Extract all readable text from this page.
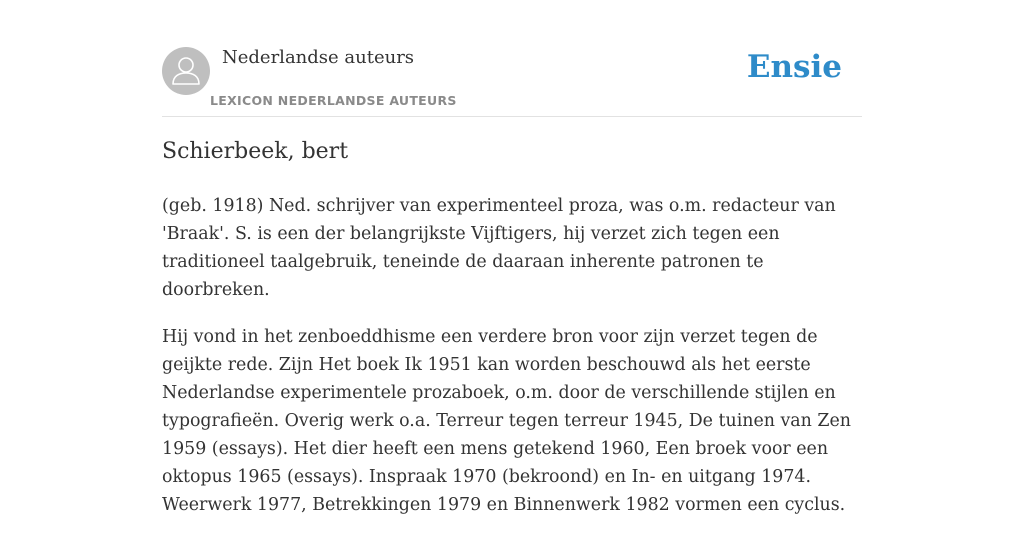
Nederlandse auteurs
LEXICON NEDERLANDSE AUTEURS
Ensie
Schierbeek, bert

(geb. 1918) Ned. schrijver van experimenteel proza, was o.m. redacteur van 'Braak'. S. is een der belangrijkste Vijftigers, hij verzet zich tegen een traditioneel taalgebruik, teneinde de daaraan inherente patronen te doorbreken.

Hij vond in het zenboeddhisme een verdere bron voor zijn verzet tegen de geijkte rede. Zijn Het boek Ik 1951 kan worden beschouwd als het eerste Nederlandse experimentele prozaboek, o.m. door de verschillende stijlen en typografieën. Overig werk o.a. Terreur tegen terreur 1945, De tuinen van Zen 1959 (essays). Het dier heeft een mens getekend 1960, Een broek voor een oktopus 1965 (essays). Inspraak 1970 (bekroond) en In- en uitgang 1974. Weerwerk 1977, Betrekkingen 1979 en Binnenwerk 1982 vormen een cyclus.
